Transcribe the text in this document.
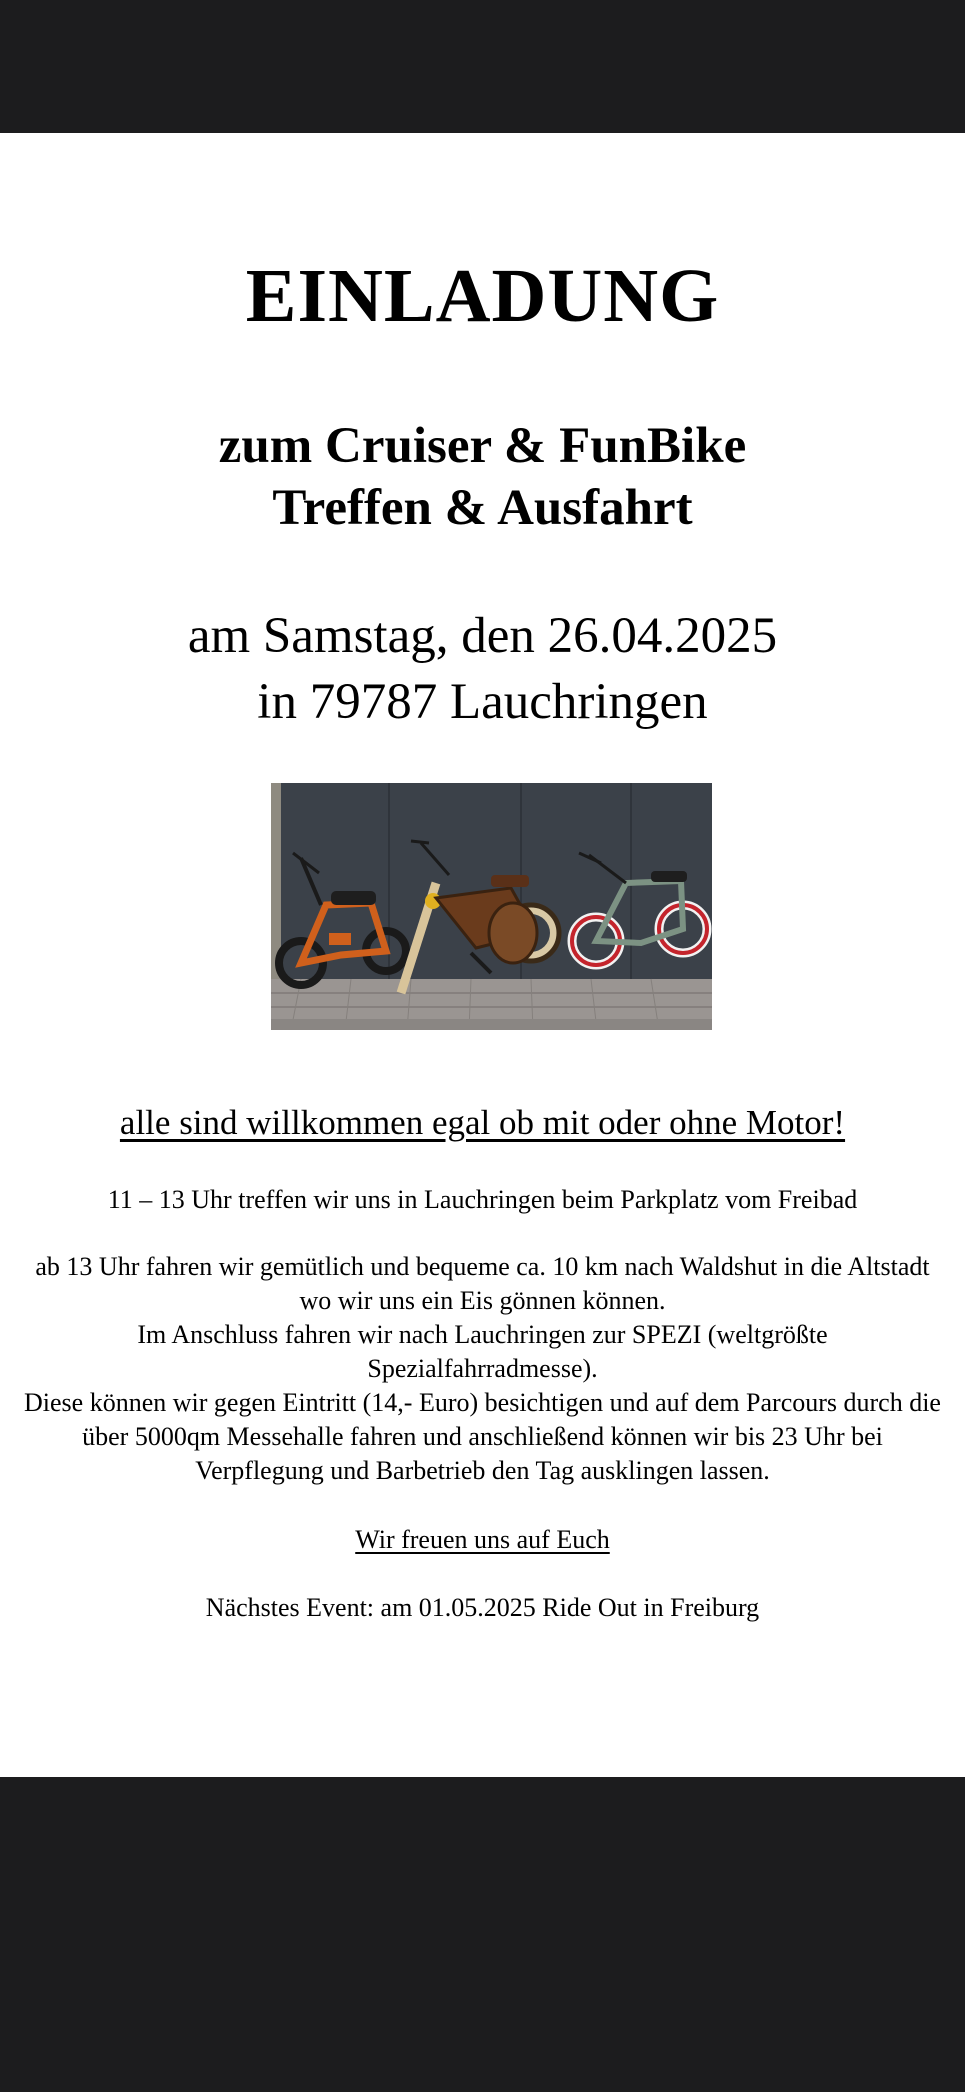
EINLADUNG
zum Cruiser & FunBike
Treffen & Ausfahrt
am Samstag, den 26.04.2025
in 79787 Lauchringen
alle sind willkommen egal ob mit oder ohne Motor!
11 – 13 Uhr treffen wir uns in Lauchringen beim Parkplatz vom Freibad
ab 13 Uhr fahren wir gemütlich und bequeme ca. 10 km nach Waldshut in die Altstadt wo wir uns ein Eis gönnen können.
Im Anschluss fahren wir nach Lauchringen zur SPEZI (weltgrößte Spezialfahrradmesse).
Diese können wir gegen Eintritt (14,- Euro) besichtigen und auf dem Parcours durch die über 5000qm Messehalle fahren und anschließend können wir bis 23 Uhr bei Verpflegung und Barbetrieb den Tag ausklingen lassen.
Wir freuen uns auf Euch
Nächstes Event: am 01.05.2025 Ride Out in Freiburg
